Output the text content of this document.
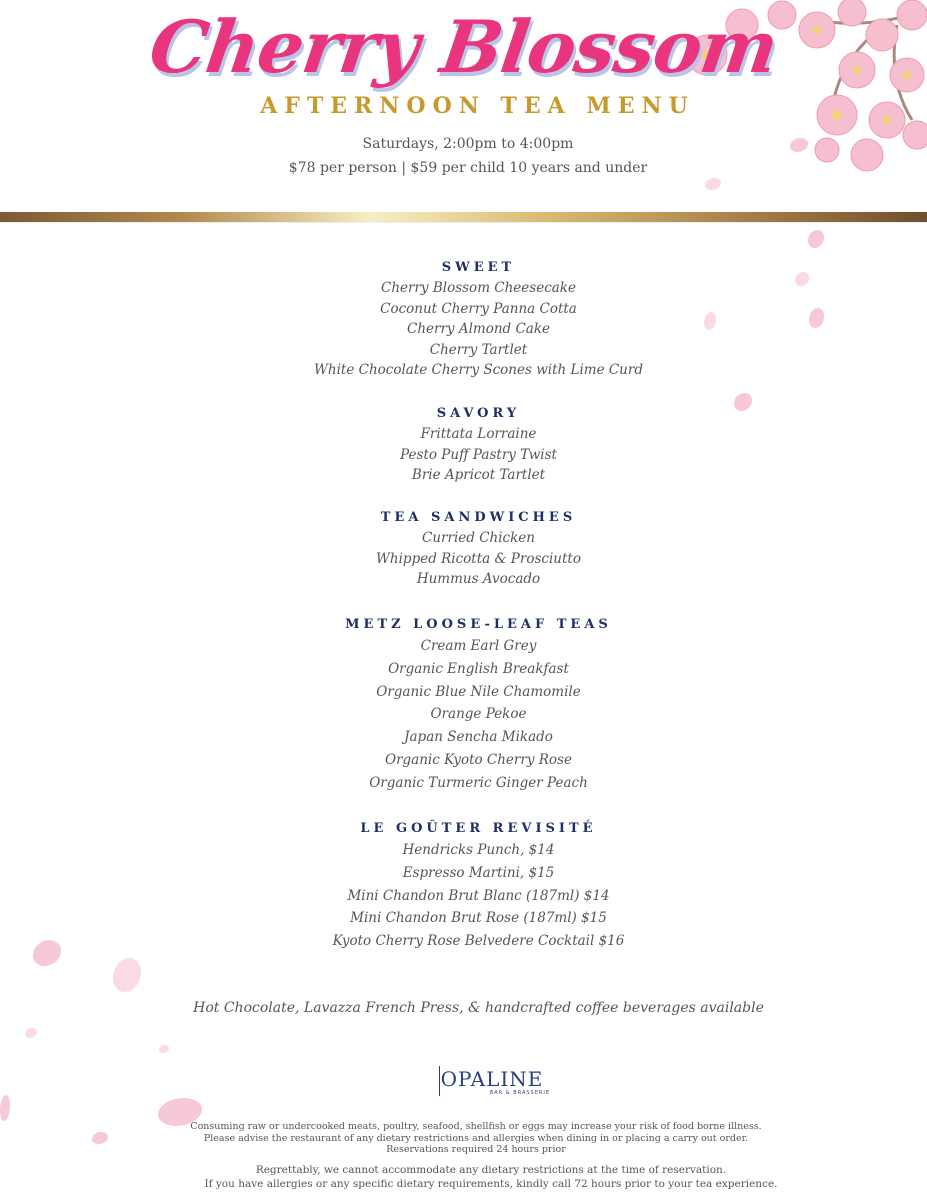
Cherry Blossom
AFTERNOON TEA MENU
Saturdays, 2:00pm to 4:00pm
$78 per person | $59 per child 10 years and under
SWEET
Cherry Blossom Cheesecake
Coconut Cherry Panna Cotta
Cherry Almond Cake
Cherry Tartlet
White Chocolate Cherry Scones with Lime Curd
SAVORY
Frittata Lorraine
Pesto Puff Pastry Twist
Brie Apricot Tartlet
TEA SANDWICHES
Curried Chicken
Whipped Ricotta & Prosciutto
Hummus Avocado
METZ LOOSE-LEAF TEAS
Cream Earl Grey
Organic English Breakfast
Organic Blue Nile Chamomile
Orange Pekoe
Japan Sencha Mikado
Organic Kyoto Cherry Rose
Organic Turmeric Ginger Peach
LE GOÛTER REVISITÉ
Hendricks Punch, $14
Espresso Martini, $15
Mini Chandon Brut Blanc (187ml) $14
Mini Chandon Brut Rose (187ml) $15
Kyoto Cherry Rose Belvedere Cocktail $16
Hot Chocolate, Lavazza French Press, & handcrafted coffee beverages available
OPALINE
BAR & BRASSERIE
Consuming raw or undercooked meats, poultry, seafood, shellfish or eggs may increase your risk of food borne illness.
Please advise the restaurant of any dietary restrictions and allergies when dining in or placing a carry out order.
Reservations required 24 hours prior
Regrettably, we cannot accommodate any dietary restrictions at the time of reservation.
If you have allergies or any specific dietary requirements, kindly call 72 hours prior to your tea experience.
